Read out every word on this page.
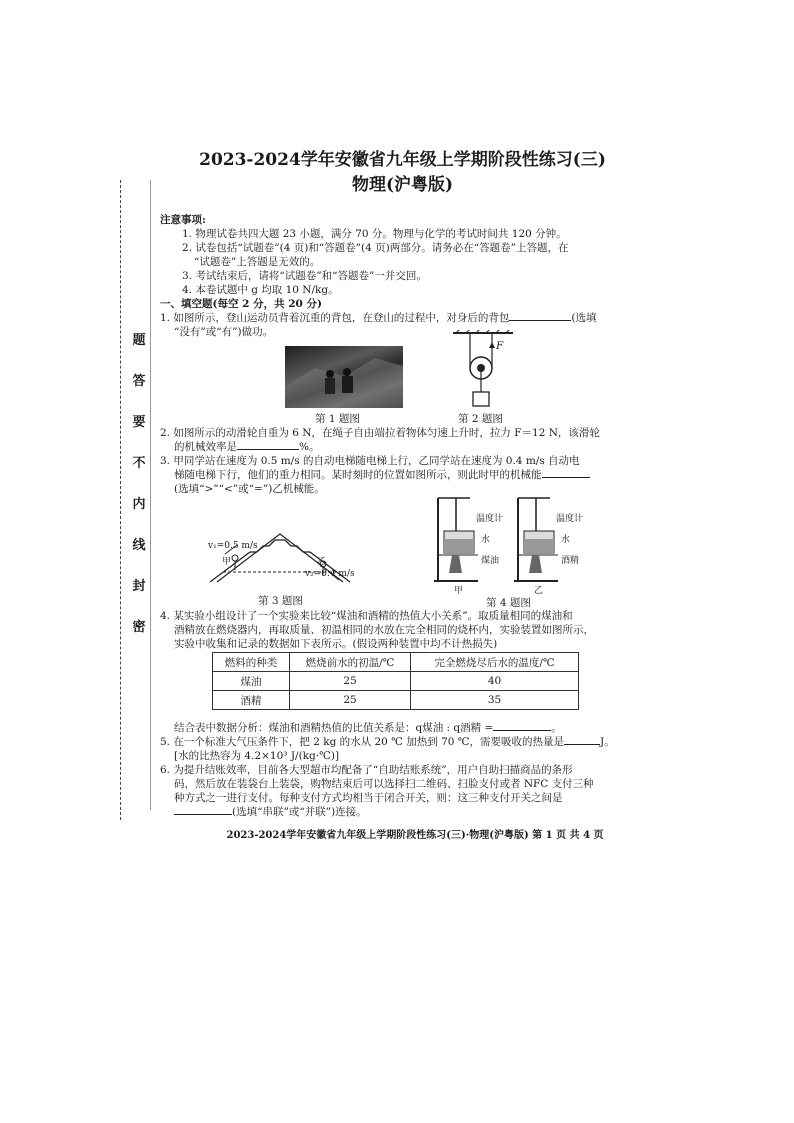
题
答
要
不
内
线
封
密
2023-2024学年安徽省九年级上学期阶段性练习(三)
物理(沪粤版)
注意事项:
1. 物理试卷共四大题 23 小题，满分 70 分。物理与化学的考试时间共 120 分钟。
2. 试卷包括“试题卷”(4 页)和“答题卷”(4 页)两部分。请务必在“答题卷”上答题，在
“试题卷”上答题是无效的。
3. 考试结束后，请将“试题卷”和“答题卷”一并交回。
4. 本卷试题中 g 均取 10 N/kg。
一、填空题(每空 2 分，共 20 分)
1. 如图所示，登山运动员背着沉重的背包，在登山的过程中，对身后的背包	(选填
“没有”或“有”)做功。
第 1 题图
F
第 2 题图
2. 如图所示的动滑轮自重为 6 N，在绳子自由端拉着物体匀速上升时，拉力 F＝12 N，该滑轮
的机械效率是	%。
3. 甲同学站在速度为 0.5 m/s 的自动电梯随电梯上行，乙同学站在速度为 0.4 m/s 自动电
梯随电梯下行，他们的重力相同。某时刻时的位置如图所示，则此时甲的机械能
(选填“>”“<”或“=”)乙机械能。
v₁=0.5 m/s
v₂=0.4 m/s
甲	乙
第 3 题图
温度计
水
煤油
温度计
水
酒精
甲	乙
第 4 题图
4. 某实验小组设计了一个实验来比较“煤油和酒精的热值大小关系”。取质量相同的煤油和
酒精放在燃烧器内，再取质量、初温相同的水放在完全相同的烧杯内，实验装置如图所示，
实验中收集和记录的数据如下表所示。(假设两种装置中均不计热损失)
燃料的种类	燃烧前水的初温/℃	完全燃烧尽后水的温度/℃
煤油	25	40
酒精	25	35
结合表中数据分析：煤油和酒精热值的比值关系是：q煤油 : q酒精 =	。
5. 在一个标准大气压条件下，把 2 kg 的水从 20 ℃ 加热到 70 ℃，需要吸收的热量是	J。
[水的比热容为 4.2×10³ J/(kg·℃)]
6. 为提升结账效率，目前各大型超市均配备了“自助结账系统”，用户自助扫描商品的条形
码，然后放在装袋台上装袋，购物结束后可以选择扫二维码、扫脸支付或者 NFC 支付三种
种方式之一进行支付。每种支付方式均相当于闭合开关，则：这三种支付开关之间是
(选填“串联”或“并联”)连接。
2023-2024学年安徽省九年级上学期阶段性练习(三)·物理(沪粤版) 第 1 页 共 4 页
